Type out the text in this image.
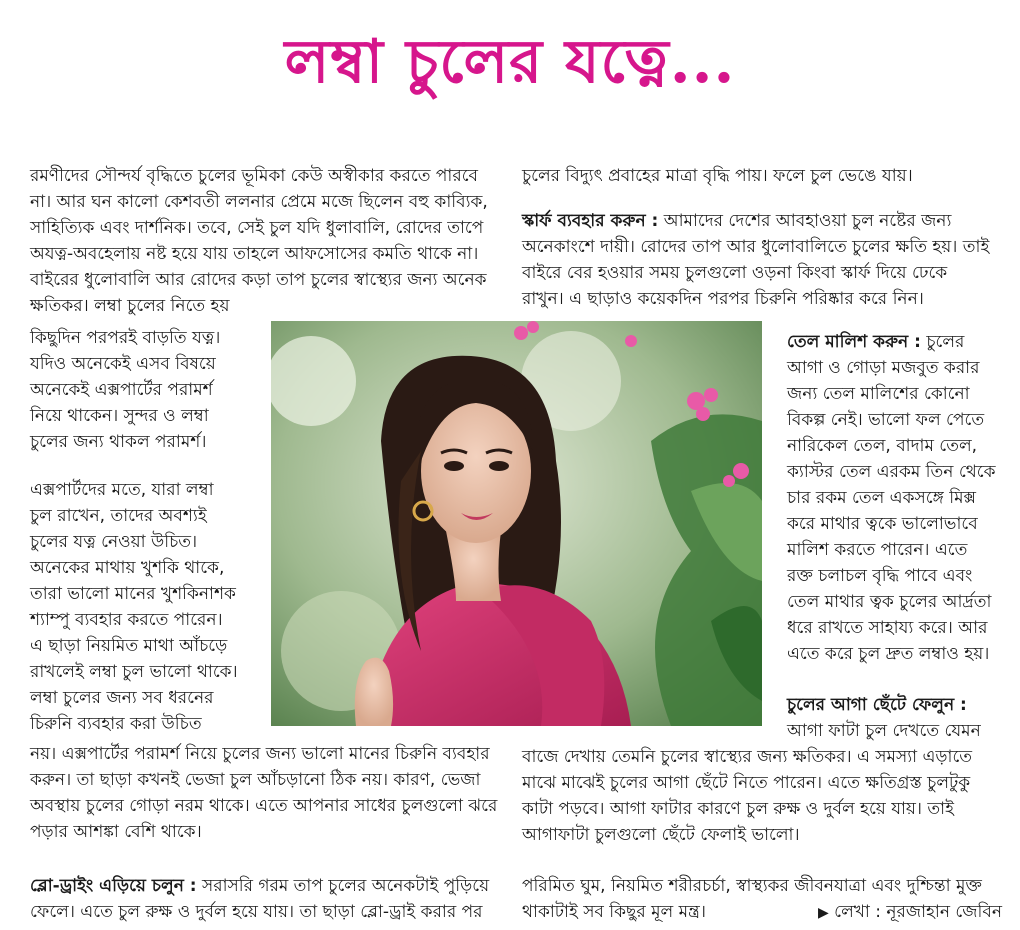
লম্বা চুলের যত্নে...
রমণীদের সৌন্দর্য বৃদ্ধিতে চুলের ভূমিকা কেউ অস্বীকার করতে পারবে
না। আর ঘন কালো কেশবতী ললনার প্রেমে মজে ছিলেন বহু কাব্যিক,
সাহিত্যিক এবং দার্শনিক। তবে, সেই চুল যদি ধুলাবালি, রোদের তাপে
অযত্ন-অবহেলায় নষ্ট হয়ে যায় তাহলে আফসোসের কমতি থাকে না।
বাইরের ধুলোবালি আর রোদের কড়া তাপ চুলের স্বাস্থ্যের জন্য অনেক
ক্ষতিকর। লম্বা চুলের নিতে হয়
কিছুদিন পরপরই বাড়তি যত্ন।
যদিও অনেকেই এসব বিষয়ে
অনেকেই এক্সপার্টের পরামর্শ
নিয়ে থাকেন। সুন্দর ও লম্বা
চুলের জন্য থাকল পরামর্শ।
এক্সপার্টদের মতে, যারা লম্বা
চুল রাখেন, তাদের অবশ্যই
চুলের যত্ন নেওয়া উচিত।
অনেকের মাথায় খুশকি থাকে,
তারা ভালো মানের খুশকিনাশক
শ্যাম্পু ব্যবহার করতে পারেন।
এ ছাড়া নিয়মিত মাথা আঁচড়ে
রাখলেই লম্বা চুল ভালো থাকে।
লম্বা চুলের জন্য সব ধরনের
চিরুনি ব্যবহার করা উচিত
নয়। এক্সপার্টের পরামর্শ নিয়ে চুলের জন্য ভালো মানের চিরুনি ব্যবহার
করুন। তা ছাড়া কখনই ভেজা চুল আঁচড়ানো ঠিক নয়। কারণ, ভেজা
অবস্থায় চুলের গোড়া নরম থাকে। এতে আপনার সাধের চুলগুলো ঝরে
পড়ার আশঙ্কা বেশি থাকে।
ব্লো-ড্রাইং এড়িয়ে চলুন : সরাসরি গরম তাপ চুলের অনেকটাই পুড়িয়ে
ফেলে। এতে চুল রুক্ষ ও দুর্বল হয়ে যায়। তা ছাড়া ব্লো-ড্রাই করার পর
চুলের বিদ্যুৎ প্রবাহের মাত্রা বৃদ্ধি পায়। ফলে চুল ভেঙে যায়।
স্কার্ফ ব্যবহার করুন : আমাদের দেশের আবহাওয়া চুল নষ্টের জন্য
অনেকাংশে দায়ী। রোদের তাপ আর ধুলোবালিতে চুলের ক্ষতি হয়। তাই
বাইরে বের হওয়ার সময় চুলগুলো ওড়না কিংবা স্কার্ফ দিয়ে ঢেকে
রাখুন। এ ছাড়াও কয়েকদিন পরপর চিরুনি পরিষ্কার করে নিন।
তেল মালিশ করুন : চুলের
আগা ও গোড়া মজবুত করার
জন্য তেল মালিশের কোনো
বিকল্প নেই। ভালো ফল পেতে
নারিকেল তেল, বাদাম তেল,
ক্যাস্টর তেল এরকম তিন থেকে
চার রকম তেল একসঙ্গে মিক্স
করে মাথার ত্বকে ভালোভাবে
মালিশ করতে পারেন। এতে
রক্ত চলাচল বৃদ্ধি পাবে এবং
তেল মাথার ত্বক চুলের আর্দ্রতা
ধরে রাখতে সাহায্য করে। আর
এতে করে চুল দ্রুত লম্বাও হয়।
চুলের আগা ছেঁটে ফেলুন :
আগা ফাটা চুল দেখতে যেমন
বাজে দেখায় তেমনি চুলের স্বাস্থ্যের জন্য ক্ষতিকর। এ সমস্যা এড়াতে
মাঝে মাঝেই চুলের আগা ছেঁটে নিতে পারেন। এতে ক্ষতিগ্রস্ত চুলটুকু
কাটা পড়বে। আগা ফাটার কারণে চুল রুক্ষ ও দুর্বল হয়ে যায়। তাই
আগাফাটা চুলগুলো ছেঁটে ফেলাই ভালো।
পরিমিত ঘুম, নিয়মিত শরীরচর্চা, স্বাস্থ্যকর জীবনযাত্রা এবং দুশ্চিন্তা মুক্ত
থাকাটাই সব কিছুর মূল মন্ত্র।	▶ লেখা : নূরজাহান জেবিন
